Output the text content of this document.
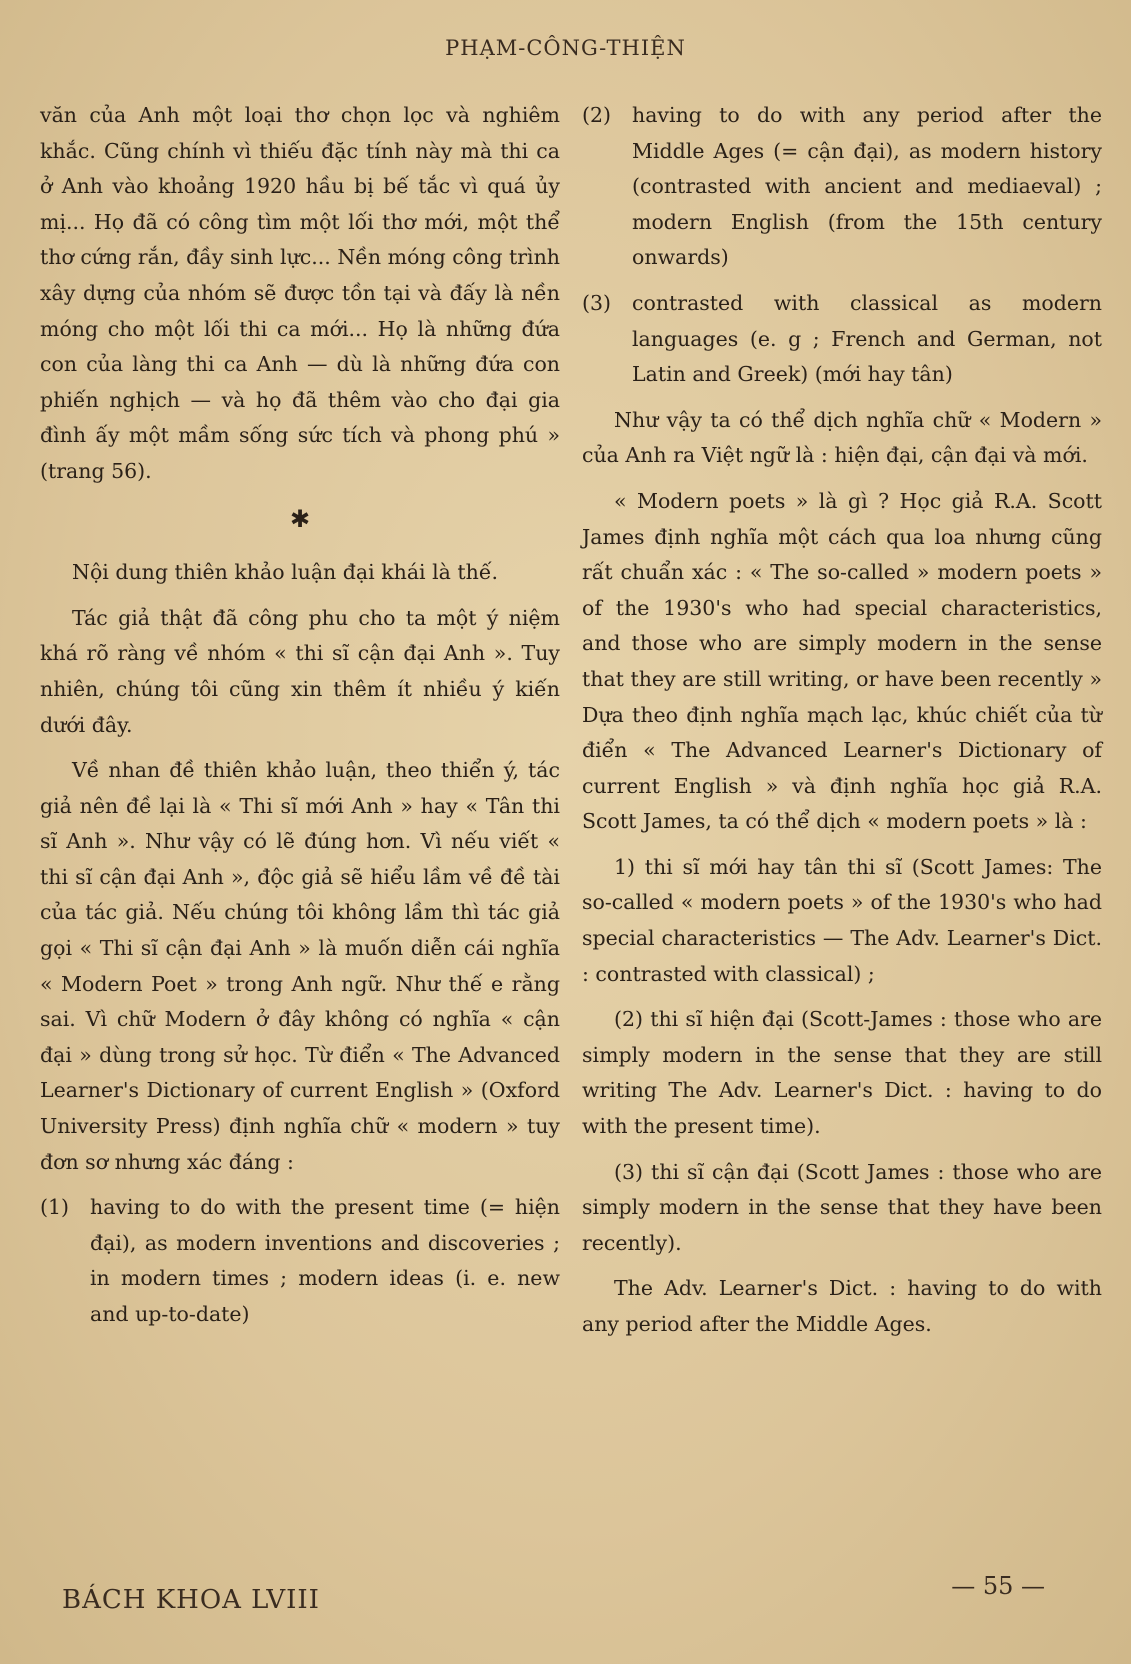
PHẠM-CÔNG-THIỆN

văn của Anh một loại thơ chọn lọc và nghiêm khắc. Cũng chính vì thiếu đặc tính này mà thi ca ở Anh vào khoảng 1920 hầu bị bế tắc vì quá ủy mị... Họ đã có công tìm một lối thơ mới, một thể thơ cứng rắn, đầy sinh lực... Nền móng công trình xây dựng của nhóm sẽ được tồn tại và đấy là nền móng cho một lối thi ca mới... Họ là những đứa con của làng thi ca Anh — dù là những đứa con phiến nghịch — và họ đã thêm vào cho đại gia đình ấy một mầm sống sức tích và phong phú » (trang 56).

✱

Nội dung thiên khảo luận đại khái là thế.

Tác giả thật đã công phu cho ta một ý niệm khá rõ ràng về nhóm « thi sĩ cận đại Anh ». Tuy nhiên, chúng tôi cũng xin thêm ít nhiều ý kiến dưới đây.

Về nhan đề thiên khảo luận, theo thiển ý, tác giả nên đề lại là « Thi sĩ mới Anh » hay « Tân thi sĩ Anh ». Như vậy có lẽ đúng hơn. Vì nếu viết « thi sĩ cận đại Anh », độc giả sẽ hiểu lầm về đề tài của tác giả. Nếu chúng tôi không lầm thì tác giả gọi « Thi sĩ cận đại Anh » là muốn diễn cái nghĩa « Modern Poet » trong Anh ngữ. Như thế e rằng sai. Vì chữ Modern ở đây không có nghĩa « cận đại » dùng trong sử học. Từ điển « The Advanced Learner's Dictionary of current English » (Oxford University Press) định nghĩa chữ « modern » tuy đơn sơ nhưng xác đáng :

(1)	having to do with the present time (= hiện đại), as modern inventions and discoveries ; in modern times ; modern ideas (i. e. new and up-to-date)
(2)	having to do with any period after the Middle Ages (= cận đại), as modern history (contrasted with ancient and mediaeval) ; modern English (from the 15th century onwards)
(3)	contrasted with classical as modern languages (e. g ; French and German, not Latin and Greek) (mới hay tân)

Như vậy ta có thể dịch nghĩa chữ « Modern » của Anh ra Việt ngữ là : hiện đại, cận đại và mới.

« Modern poets » là gì ? Học giả R.A. Scott James định nghĩa một cách qua loa nhưng cũng rất chuẩn xác : « The so-called » modern poets » of the 1930's who had special characteristics, and those who are simply modern in the sense that they are still writing, or have been recently » Dựa theo định nghĩa mạch lạc, khúc chiết của từ điển « The Advanced Learner's Dictionary of current English » và định nghĩa học giả R.A. Scott James, ta có thể dịch « modern poets » là :

1) thi sĩ mới hay tân thi sĩ (Scott James: The so-called « modern poets » of the 1930's who had special characteristics — The Adv. Learner's Dict. : contrasted with classical) ;

(2) thi sĩ hiện đại (Scott-James : those who are simply modern in the sense that they are still writing The Adv. Learner's Dict. : having to do with the present time).

(3) thi sĩ cận đại (Scott James : those who are simply modern in the sense that they have been recently).

The Adv. Learner's Dict. : having to do with any period after the Middle Ages.

BÁCH KHOA LVIII	— 55 —
